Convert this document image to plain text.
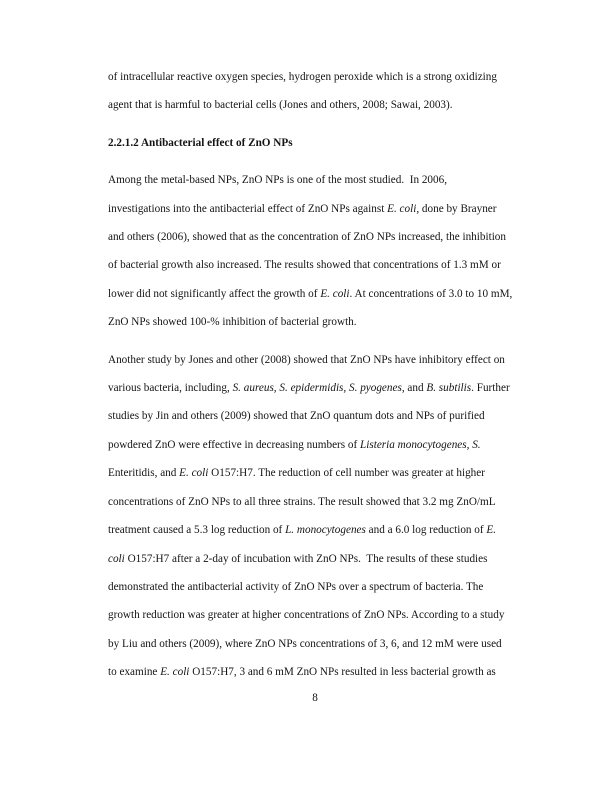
of intracellular reactive oxygen species, hydrogen peroxide which is a strong oxidizing
agent that is harmful to bacterial cells (Jones and others, 2008; Sawai, 2003).
2.2.1.2 Antibacterial effect of ZnO NPs
Among the metal-based NPs, ZnO NPs is one of the most studied.  In 2006,
investigations into the antibacterial effect of ZnO NPs against E. coli, done by Brayner
and others (2006), showed that as the concentration of ZnO NPs increased, the inhibition
of bacterial growth also increased. The results showed that concentrations of 1.3 mM or
lower did not significantly affect the growth of E. coli. At concentrations of 3.0 to 10 mM,
ZnO NPs showed 100-% inhibition of bacterial growth.
Another study by Jones and other (2008) showed that ZnO NPs have inhibitory effect on
various bacteria, including, S. aureus, S. epidermidis, S. pyogenes, and B. subtilis. Further
studies by Jin and others (2009) showed that ZnO quantum dots and NPs of purified
powdered ZnO were effective in decreasing numbers of Listeria monocytogenes, S.
Enteritidis, and E. coli O157:H7. The reduction of cell number was greater at higher
concentrations of ZnO NPs to all three strains. The result showed that 3.2 mg ZnO/mL
treatment caused a 5.3 log reduction of L. monocytogenes and a 6.0 log reduction of E.
coli O157:H7 after a 2-day of incubation with ZnO NPs.  The results of these studies
demonstrated the antibacterial activity of ZnO NPs over a spectrum of bacteria. The
growth reduction was greater at higher concentrations of ZnO NPs. According to a study
by Liu and others (2009), where ZnO NPs concentrations of 3, 6, and 12 mM were used
to examine E. coli O157:H7, 3 and 6 mM ZnO NPs resulted in less bacterial growth as
8
